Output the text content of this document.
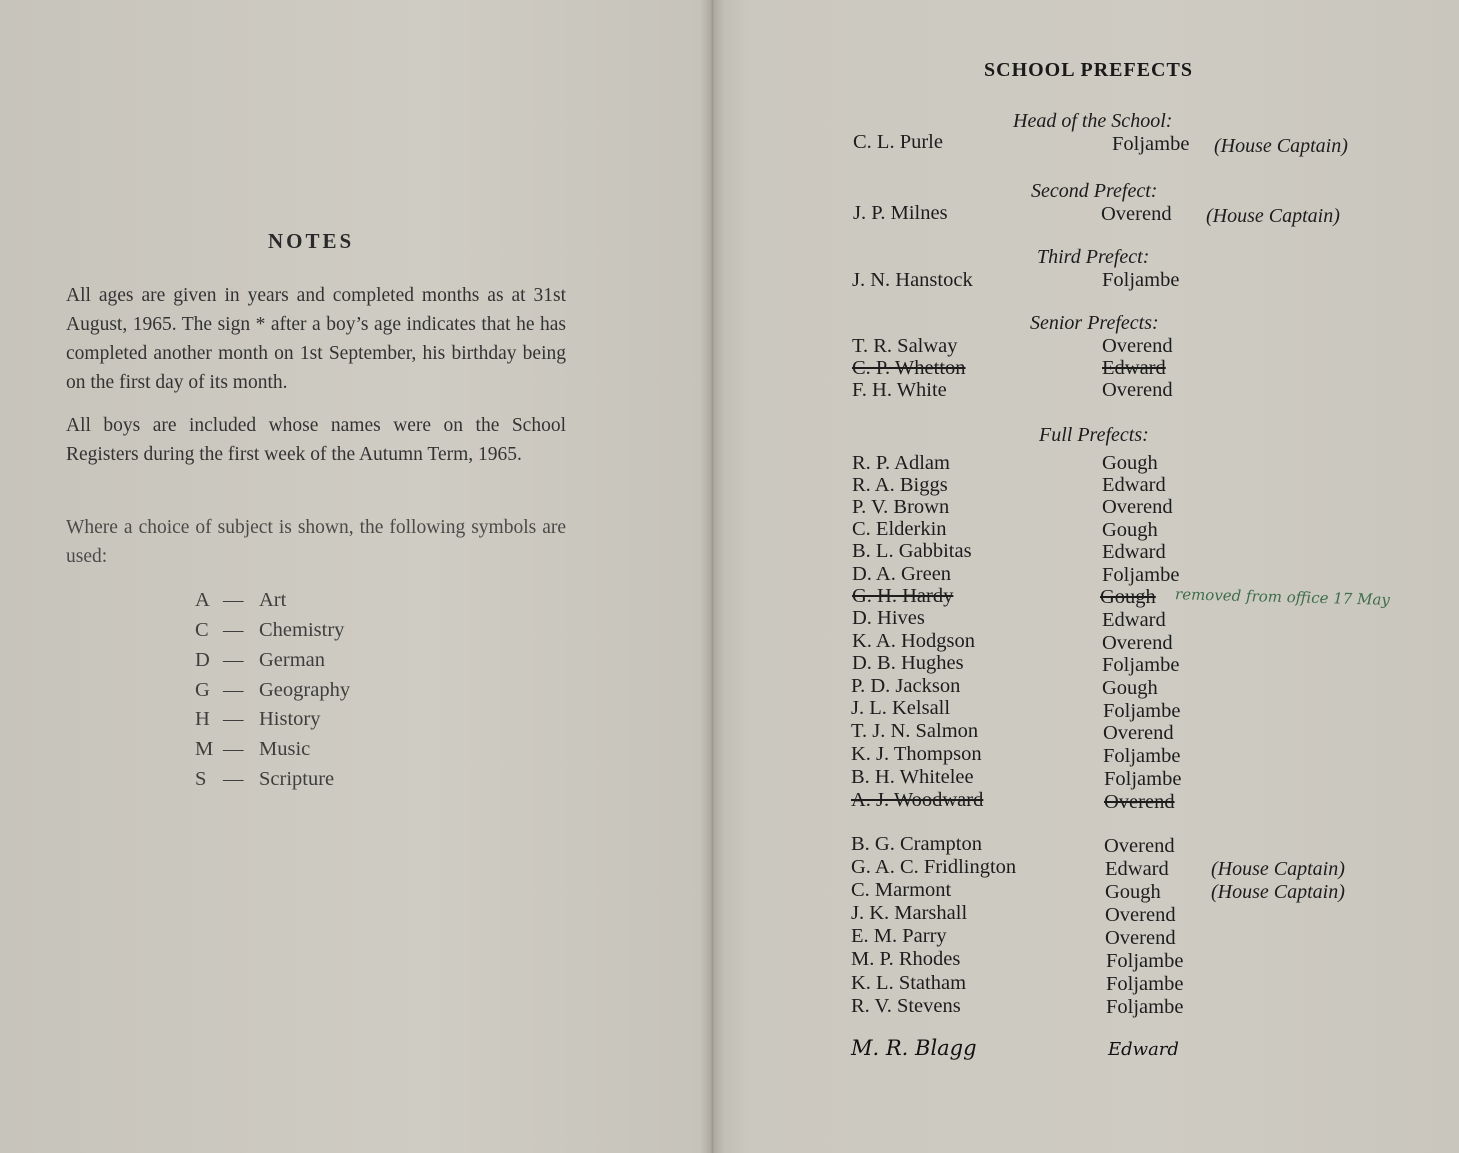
NOTES
All ages are given in years and completed months as at 31st August, 1965. The sign * after a boy’s age indicates that he has completed another month on 1st September, his birthday being on the first day of its month.
All boys are included whose names were on the School Registers during the first week of the Autumn Term, 1965.
Where a choice of subject is shown, the following symbols are used:
A — Art
C — Chemistry
D — German
G — Geography
H — History
M — Music
S — Scripture
SCHOOL PREFECTS
Head of the School:
C. L. Purle	Foljambe (House Captain)
Second Prefect:
J. P. Milnes	Overend (House Captain)
Third Prefect:
J. N. Hanstock	Foljambe
Senior Prefects:
T. R. Salway	Overend
C. P. Whetton	Edward
F. H. White	Overend
Full Prefects:
R. P. Adlam	Gough
R. A. Biggs	Edward
P. V. Brown	Overend
C. Elderkin	Gough
B. L. Gabbitas	Edward
D. A. Green	Foljambe
G. H. Hardy	Gough removed from office 17 May
D. Hives	Edward
K. A. Hodgson	Overend
D. B. Hughes	Foljambe
P. D. Jackson	Gough
J. L. Kelsall	Foljambe
T. J. N. Salmon	Overend
K. J. Thompson	Foljambe
B. H. Whitelee	Foljambe
A. J. Woodward	Overend
B. G. Crampton	Overend
G. A. C. Fridlington	Edward (House Captain)
C. Marmont	Gough	(House Captain)
J. K. Marshall	Overend
E. M. Parry	Overend
M. P. Rhodes	Foljambe
K. L. Statham	Foljambe
R. V. Stevens	Foljambe
M. R. Blagg	Edward
